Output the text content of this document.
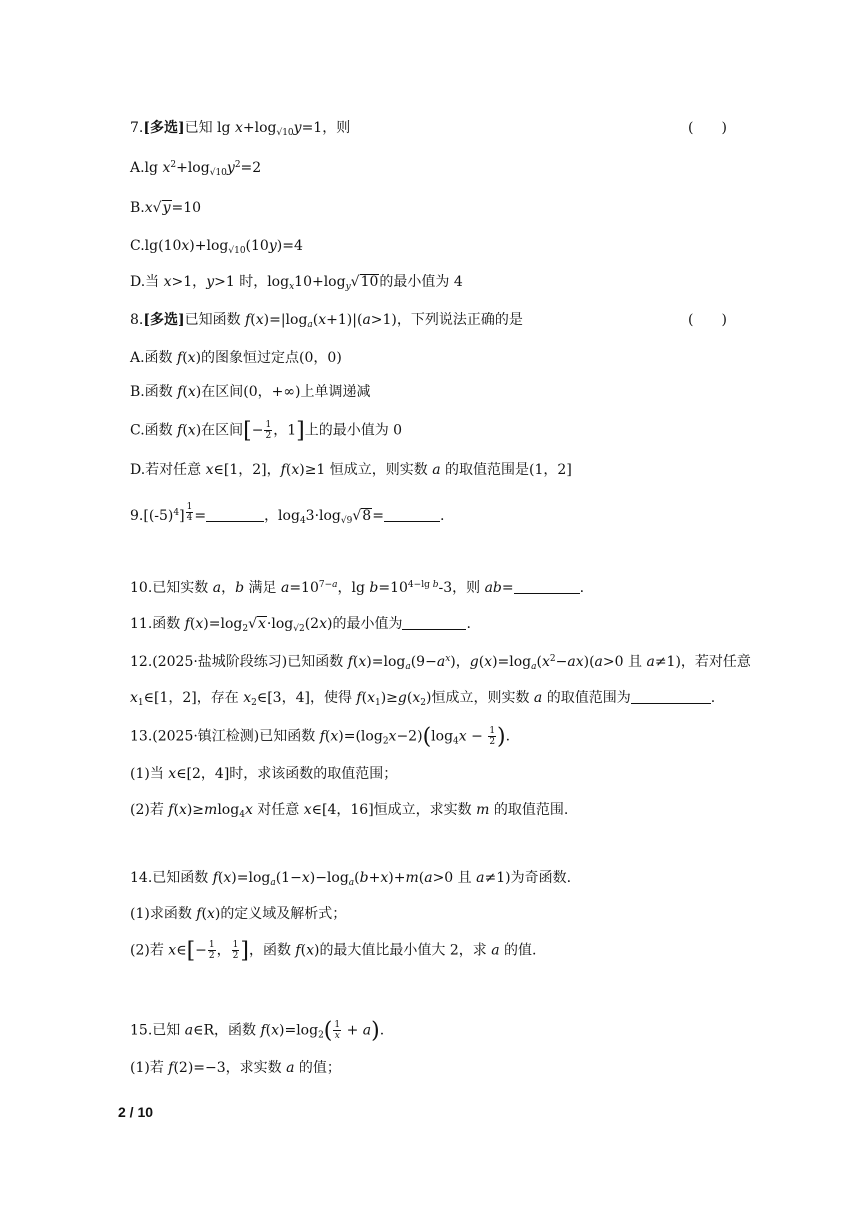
7.[多选]已知 $\lg x+\log_{√10}y=1$，则	(　　)
A.lg $x^2+\log_{√10}y^2=2$
B.x√y=10
$C.\lg(10x)+\log_{√10}(10y)=4$
D.当 x>1，y>1 时，$\log_x10+\log_y√10$的最小值为 4
8.[多选]已知函数 $f(x)=|\log_a(x+1)|(a>1)$，下列说法正确的是	(　　)
A.函数 f(x)的图象恒过定点(0，0)
B.函数 f(x)在区间(0，+∞)上单调递减
C.函数 f(x)在区间[− $\frac{1}{2}$ ，1]上的最小值为 0
D.若对任意 x∈[1，2]，f(x)≥1 恒成立，则实数 a 的取值范围是(1，2]
$9.[(-5)^4] ^{\frac{1}{4}}$ =	，$\log_43\cdot\log_{√9}√8=$	.
10.已知实数 a，b 满足 $a=10^{7-a}$，$\lg b=10^{4-lg b}-3$，则 ab=	.
11.函数 $f(x)=\log_2√x\cdot\log_{√2}(2x)$的最小值为	.
12.(2025·盐城阶段练习)已知函数 $f(x)=\log_a(9-a^x)$，$g(x)=\log_a(x^2-ax)(a>0$ 且 a≠1)，若对任意
$x_1\in[1$，2]，存在 $x_2\in[3$，4]，使得 $f(x_1)\ge g(x_2)$恒成立，则实数 a 的取值范围为	.
13.(2025·镇江检测)已知函数 $f(x)=(\log_2x-2)(\log_4x - \frac{1}{2}$ ).
(1)当 x∈[2，4]时，求该函数的取值范围；
(2)若 f(x)≥mlog$_4$x 对任意 x∈[4，16]恒成立，求实数 m 的取值范围.
14.已知函数 $f(x)=\log_a(1-x)-\log_a(b+x)+m(a>0$ 且 a≠1)为奇函数.
(1)求函数 f(x)的定义域及解析式；
(2)若 x∈[− $\frac{1}{2}$ ， $\frac{1}{2}$ ]，函数 f(x)的最大值比最小值大 2，求 a 的值.
15.已知 a∈R，函数 $f(x)=\log_2( \frac{1}{x} + a)$.
(1)若 f(2)=−3，求实数 a 的值；
2 / 10
